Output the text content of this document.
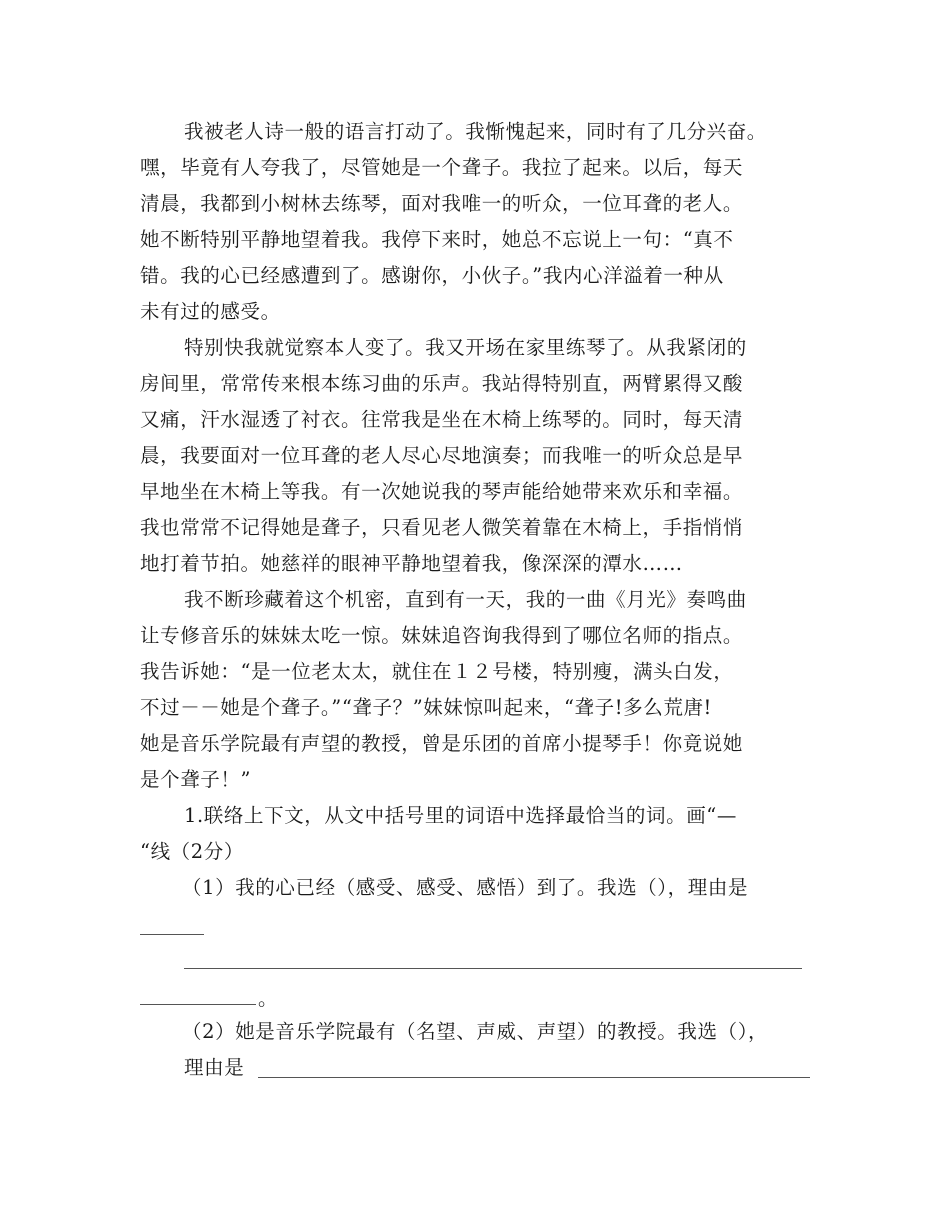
我被老人诗一般的语言打动了。我惭愧起来，同时有了几分兴奋。
嘿，毕竟有人夸我了，尽管她是一个聋子。我拉了起来。以后，每天
清晨，我都到小树林去练琴，面对我唯一的听众，一位耳聋的老人。
她不断特别平静地望着我。我停下来时，她总不忘说上一句：“真不
错。我的心已经感遭到了。感谢你，小伙子。”我内心洋溢着一种从
未有过的感受。
特别快我就觉察本人变了。我又开场在家里练琴了。从我紧闭的
房间里，常常传来根本练习曲的乐声。我站得特别直，两臂累得又酸
又痛，汗水湿透了衬衣。往常我是坐在木椅上练琴的。同时，每天清
晨，我要面对一位耳聋的老人尽心尽地演奏；而我唯一的听众总是早
早地坐在木椅上等我。有一次她说我的琴声能给她带来欢乐和幸福。
我也常常不记得她是聋子，只看见老人微笑着靠在木椅上，手指悄悄
地打着节拍。她慈祥的眼神平静地望着我，像深深的潭水……
我不断珍藏着这个机密，直到有一天，我的一曲《月光》奏鸣曲
让专修音乐的妹妹太吃一惊。妹妹追咨询我得到了哪位名师的指点。
我告诉她：“是一位老太太，就住在１２号楼，特别瘦，满头白发，
不过－－她是个聋子。”“聋子？”妹妹惊叫起来，“聋子!多么荒唐!
她是音乐学院最有声望的教授，曾是乐团的首席小提琴手！你竟说她
是个聋子！”
1.联络上下文，从文中括号里的词语中选择最恰当的词。画“—
“线（2分）
（1）我的心已经（感受、感受、感悟）到了。我选（），理由是
。
（2）她是音乐学院最有（名望、声威、声望）的教授。我选（），
理由是
